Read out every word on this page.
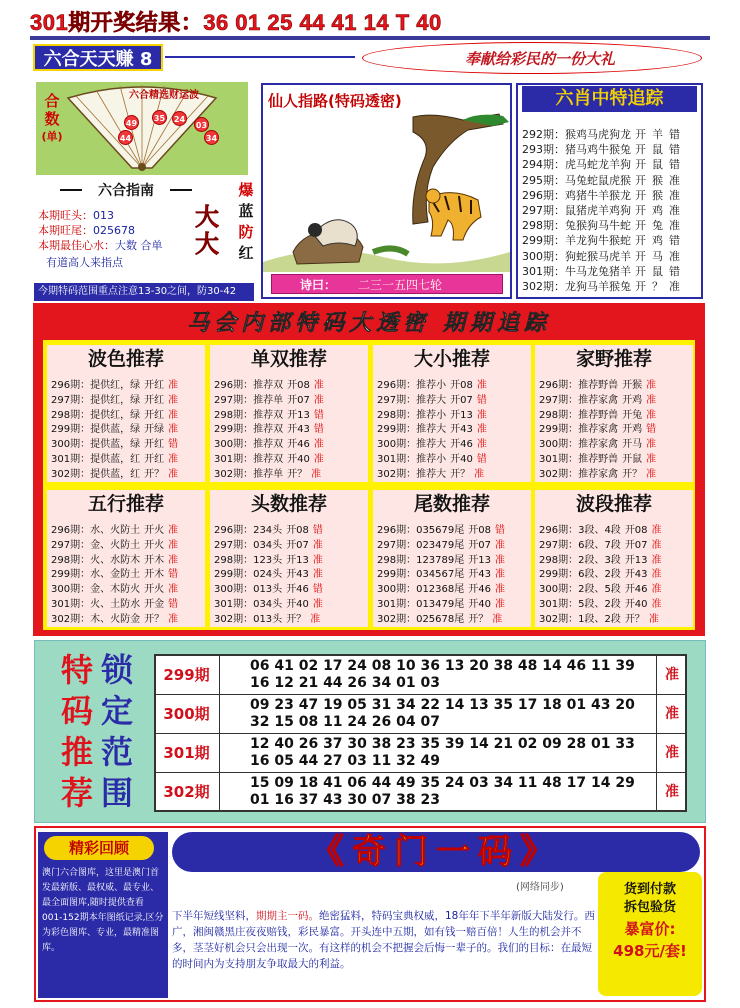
301期开奖结果：36 01 25 44 41 14 T 40
六合天天赚 8	奉献给彩民的一份大礼
六合精选财运波
合
数
(单)
49
35 24
03
44	34
六合指南
本期旺头：013
本期旺尾：025678
本期最佳心水：大数 合单
有道高人来指点
大
大
爆
蓝
防
红
今期特码范围重点注意13-30之间，防30-42
仙人指路(特码透密)
诗曰：	二三一五四七轮
六肖中特追踪
292期：猴鸡马虎狗龙 开 羊 错
293期：猪马鸡牛猴兔 开 鼠 错
294期：虎马蛇龙羊狗 开 鼠 错
295期：马兔蛇鼠虎猴 开 猴 准
296期：鸡猪牛羊猴龙 开 猴 准
297期：鼠猪虎羊鸡狗 开 鸡 准
298期：兔猴狗马牛蛇 开 兔 准
299期：羊龙狗牛猴蛇 开 鸡 错
300期：狗蛇猴马虎羊 开 马 准
301期：牛马龙兔猪羊 开 鼠 错
302期：龙狗马羊猴兔 开 ？ 准
马会内部特码大透密 期期追踪
波色推荐
296期：提供红，绿 开红 准
297期：提供红，绿 开红 准
298期：提供红，绿 开红 准
299期：提供蓝，绿 开绿 准
300期：提供蓝，绿 开红 错
301期：提供蓝，红 开红 准
302期：提供蓝，红 开？ 准
单双推荐
296期：推荐双 开08 准
297期：推荐单 开07 准
298期：推荐双 开13 错
299期：推荐双 开43 错
300期：推荐双 开46 准
301期：推荐双 开40 准
302期：推荐单 开？ 准
大小推荐
296期：推荐小 开08 准
297期：推荐大 开07 错
298期：推荐小 开13 准
299期：推荐大 开43 准
300期：推荐大 开46 准
301期：推荐小 开40 错
302期：推荐大 开？ 准
家野推荐
296期：推荐野兽 开猴 准
297期：推荐家禽 开鸡 准
298期：推荐野兽 开兔 准
299期：推荐家禽 开鸡 错
300期：推荐家禽 开马 准
301期：推荐野兽 开鼠 准
302期：推荐家禽 开？ 准
五行推荐
296期：水、火防土 开火 准
297期：金、火防土 开火 准
298期：火、水防木 开木 准
299期：水、金防土 开木 错
300期：金、木防火 开火 准
301期：火、土防水 开金 错
302期：木、火防金 开？ 准
头数推荐
296期：234头 开08 错
297期：034头 开07 准
298期：123头 开13 准
299期：024头 开43 准
300期：013头 开46 错
301期：034头 开40 准
302期：013头 开？ 准
尾数推荐
296期：035679尾 开08 错
297期：023479尾 开07 准
298期：123789尾 开13 准
299期：034567尾 开43 准
300期：012368尾 开46 准
301期：013479尾 开40 准
302期：025678尾 开？ 准
波段推荐
296期：3段、4段 开08 准
297期：6段、7段 开07 准
298期：2段、3段 开13 准
299期：6段、2段 开43 准
300期：2段、5段 开46 准
301期：5段、2段 开40 准
302期：1段、2段 开？ 准
特
码
推
荐
锁
定
范
围
299期	06 41 02 17 24 08 10 36 13 20 38 48 14 46 11 39
16 12 21 44 26 34 01 03	准
300期	09 23 47 19 05 31 34 22 14 13 35 17 18 01 43 20
32 15 08 11 24 26 04 07	准
301期	12 40 26 37 30 38 23 35 39 14 21 02 09 28 01 33
16 05 44 27 03 11 32 49	准
302期	15 09 18 41 06 44 49 35 24 03 34 11 48 17 14 29
01 16 37 43 30 07 38 23	准
精彩回顾
澳门六合图库，这里是澳门首发最新版、最权威、最专业、最全面图库,随时提供查看001-152期本年图纸记录,区分为彩色图库、专业，最精准图库。
《奇门一码》
(网络同步)
下半年短线坚料，期期主一码。绝密猛料，特码宝典权威，18年年下半年新版大陆发行。西广，湘闽赣黑庄夜夜赔钱，彩民暴富。开头连中五期，如有钱一赔百倍！人生的机会并不多，茎茎好机会只会出现一次。有这样的机会不把握会后悔一辈子的。我们的目标：在最短的时间内为支持朋友争取最大的利益。
货到付款
拆包验货
暴富价:
498元/套!
